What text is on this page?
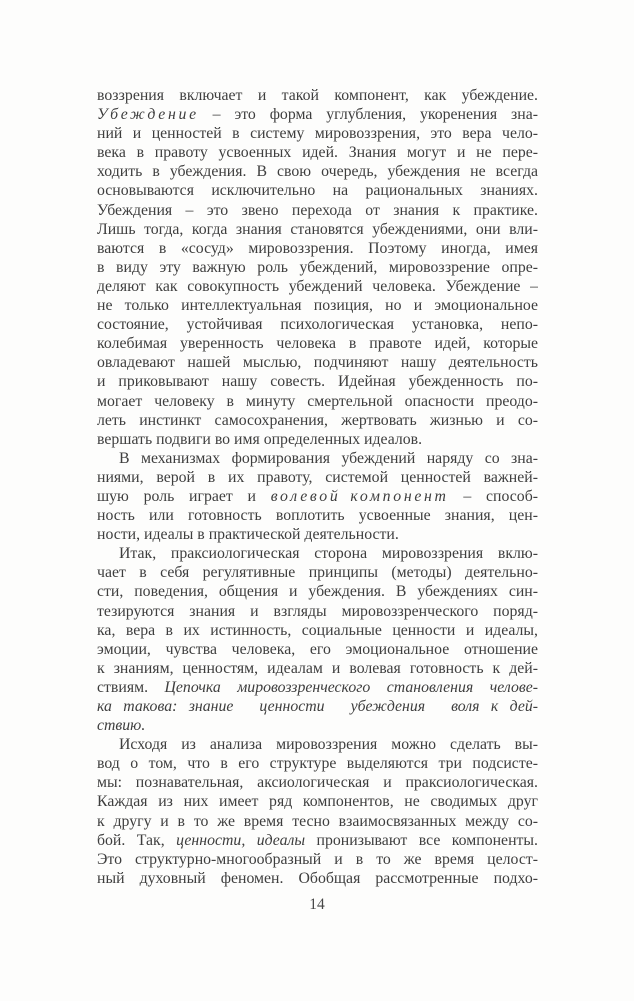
воззрения включает и такой компонент, как убеждение.
Убеждение – это форма углубления, укоренения зна-
ний и ценностей в систему мировоззрения, это вера чело-
века в правоту усвоенных идей. Знания могут и не пере-
ходить в убеждения. В свою очередь, убеждения не всегда
основываются исключительно на рациональных знаниях.
Убеждения – это звено перехода от знания к практике.
Лишь тогда, когда знания становятся убеждениями, они вли-
ваются в «сосуд» мировоззрения. Поэтому иногда, имея
в виду эту важную роль убеждений, мировоззрение опре-
деляют как совокупность убеждений человека. Убеждение –
не только интеллектуальная позиция, но и эмоциональное
состояние, устойчивая психологическая установка, непо-
колебимая уверенность человека в правоте идей, которые
овладевают нашей мыслью, подчиняют нашу деятельность
и приковывают нашу совесть. Идейная убежденность по-
могает человеку в минуту смертельной опасности преодо-
леть инстинкт самосохранения, жертвовать жизнью и со-
вершать подвиги во имя определенных идеалов.
В механизмах формирования убеждений наряду со зна-
ниями, верой в их правоту, системой ценностей важней-
шую роль играет и волевой компонент – способ-
ность или готовность воплотить усвоенные знания, цен-
ности, идеалы в практической деятельности.
Итак, праксиологическая сторона мировоззрения вклю-
чает в себя регулятивные принципы (методы) деятельно-
сти, поведения, общения и убеждения. В убеждениях син-
тезируются знания и взгляды мировоззренческого поряд-
ка, вера в их истинность, социальные ценности и идеалы,
эмоции, чувства человека, его эмоциональное отношение
к знаниям, ценностям, идеалам и волевая готовность к дей-
ствиям. Цепочка мировоззренческого становления челове-
ка такова: знание ценности убеждения воля к дей-
ствию.
Исходя из анализа мировоззрения можно сделать вы-
вод о том, что в его структуре выделяются три подсисте-
мы: познавательная, аксиологическая и праксиологическая.
Каждая из них имеет ряд компонентов, не сводимых друг
к другу и в то же время тесно взаимосвязанных между со-
бой. Так, ценности, идеалы пронизывают все компоненты.
Это структурно-многообразный и в то же время целост-
ный духовный феномен. Обобщая рассмотренные подхо-
14
